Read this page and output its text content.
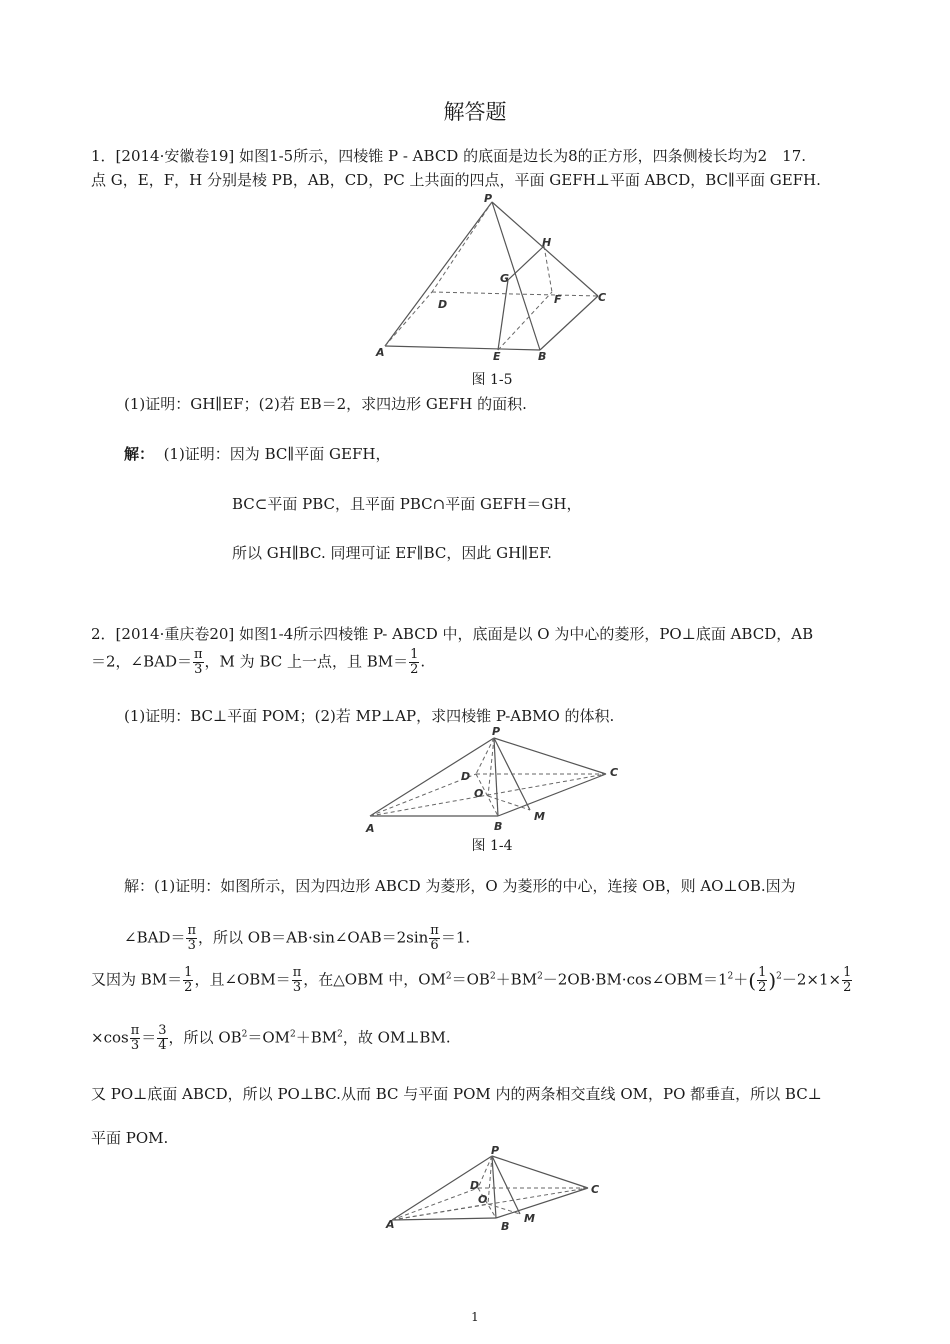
解答题
1．[2014·安徽卷19] 如图1-5所示，四棱锥 P - ABCD 的底面是边长为8的正方形，四条侧棱长均为2　17.
点 G，E，F，H 分别是棱 PB，AB，CD，PC 上共面的四点，平面 GEFH⊥平面 ABCD，BC∥平面 GEFH.
P
H
G
D	F	C
A	E	B
图 1-5
(1)证明：GH∥EF；(2)若 EB＝2，求四边形 GEFH 的面积.
解： (1)证明：因为 BC∥平面 GEFH，
BC⊂平面 PBC，且平面 PBC∩平面 GEFH＝GH，
所以 GH∥BC. 同理可证 EF∥BC，因此 GH∥EF.
2．[2014·重庆卷20] 如图1-4所示四棱锥 P- ABCD 中，底面是以 O 为中心的菱形，PO⊥底面 ABCD，AB
＝2，∠BAD＝ $\frac{\pi}{3}$ ，M 为 BC 上一点，且 $BM= \frac{1}{2}$ .
(1)证明：BC⊥平面 POM；(2)若 MP⊥AP，求四棱锥 P-ABMO 的体积.
P
D
O
C
A	B
M
图 1-4
解：(1)证明：如图所示，因为四边形 ABCD 为菱形，O 为菱形的中心，连接 OB，则 AO⊥OB.因为
∠BAD＝ $\frac{\pi}{3}$ ，所以 OB＝AB·sin∠OAB＝2sin $\frac{\pi}{6} =1$.
又因为 $BM= \frac{1}{2}$ ，且∠OBM＝ $\frac{\pi}{3}$ ，在△OBM 中，$OM^2=OB^2+BM^2-2OB\cdot BM\cdot\cos\angle OBM=1^2+( \frac{1}{2} )^2-2\times 1\times \frac{1}{2}$
$\times\cos \frac{\pi}{3} = \frac{3}{4}$ ，所以 $OB^2=OM^2+BM^2$，故 OM⊥BM.
又 PO⊥底面 ABCD，所以 PO⊥BC.从而 BC 与平面 POM 内的两条相交直线 OM，PO 都垂直，所以 BC⊥
平面 POM.
P
D
O
C
A	B
M
1
